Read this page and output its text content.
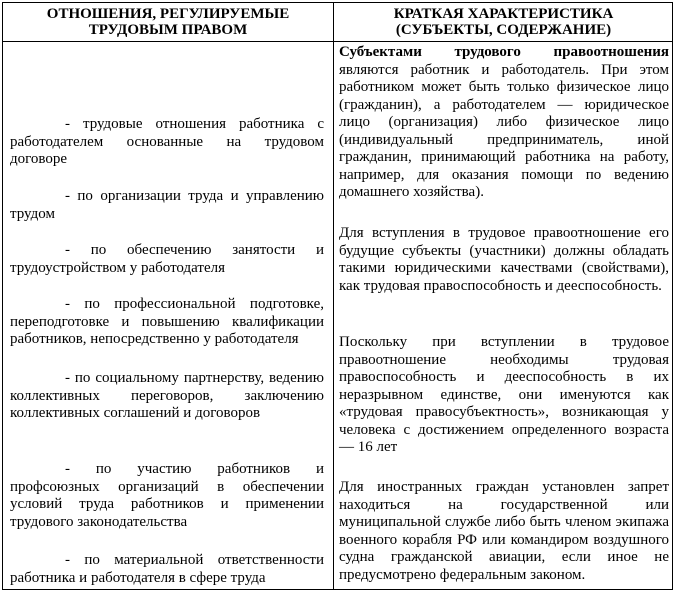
ОТНОШЕНИЯ, РЕГУЛИРУЕМЫЕ
ТРУДОВЫМ ПРАВОМ
КРАТКАЯ ХАРАКТЕРИСТИКА
(СУБЪЕКТЫ, СОДЕРЖАНИЕ)
- трудовые отношения работника с работодателем основанные на трудовом договоре
- по организации труда и управлению трудом
- по обеспечению занятости и трудоустройством у работодателя
- по профессиональной подготовке, переподготовке и повышению квалификации работников, непосредственно у работодателя
- по социальному партнерству, ведению коллективных переговоров, заключению коллективных соглашений и договоров
- по участию работников и профсоюзных организаций в обеспечении условий труда работников и применении трудового законодательства
- по материальной ответственности работника и работодателя в сфере труда
Субъектами трудового правоотношения являются работник и работодатель. При этом работником может быть только физическое лицо (гражданин), а работодателем — юридическое лицо (организация) либо физическое лицо (индивидуальный предприниматель, иной гражданин, принимающий работника на работу, например, для оказания помощи по ведению домашнего хозяйства).
Для вступления в трудовое правоотношение его будущие субъекты (участники) должны обладать такими юридическими качествами (свойствами), как трудовая правоспособность и дееспособность.
Поскольку при вступлении в трудовое правоотношение необходимы трудовая правоспособность и дееспособность в их неразрывном единстве, они именуются как «трудовая правосубъектность», возникающая у человека с достижением определенного возраста — 16 лет
Для иностранных граждан установлен запрет находиться на государственной или муниципальной службе либо быть членом экипажа военного корабля РФ или командиром воздушного судна гражданской авиации, если иное не предусмотрено федеральным законом.
